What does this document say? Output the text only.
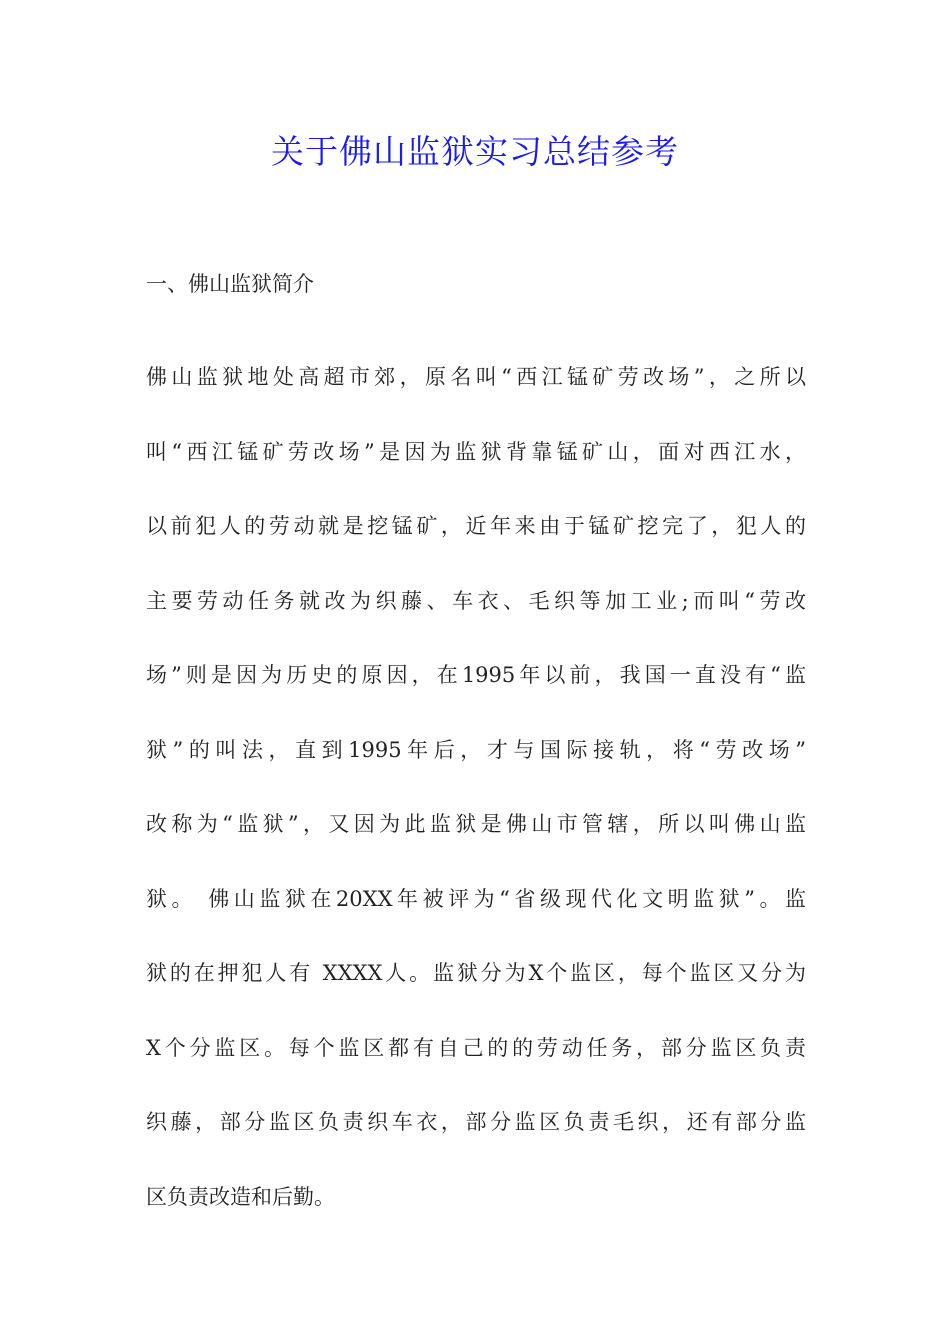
关于佛山监狱实习总结参考
一、佛山监狱简介
佛山监狱地处高超市郊，原名叫“西江锰矿劳改场”，之所以
叫“西江锰矿劳改场”是因为监狱背靠锰矿山，面对西江水，
以前犯人的劳动就是挖锰矿，近年来由于锰矿挖完了，犯人的
主要劳动任务就改为织藤、车衣、毛织等加工业;而叫“劳改
场”则是因为历史的原因，在1995年以前，我国一直没有“监
狱”的叫法，直到1995年后，才与国际接轨，将“劳改场”
改称为“监狱”，又因为此监狱是佛山市管辖，所以叫佛山监
狱。 佛山监狱在20XX年被评为“省级现代化文明监狱”。监
狱的在押犯人有 XXXX人。监狱分为X个监区，每个监区又分为
X个分监区。每个监区都有自己的的劳动任务，部分监区负责
织藤，部分监区负责织车衣，部分监区负责毛织，还有部分监
区负责改造和后勤。
